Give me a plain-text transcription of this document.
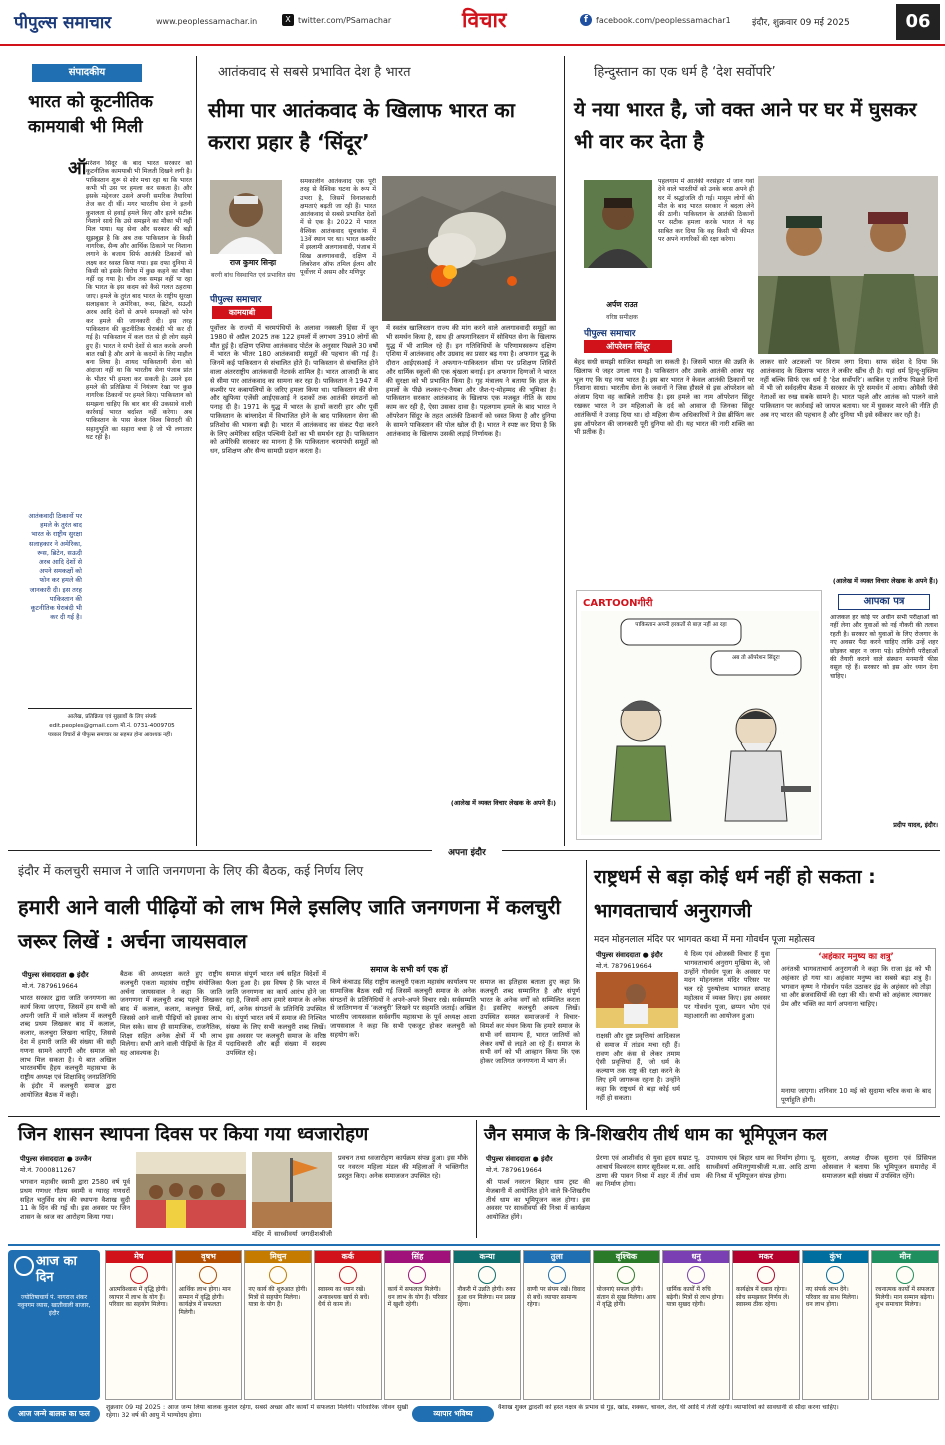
पीपुल्स समाचार	www.peoplessamachar.in	X twitter.com/PSamachar	विचार	f	facebook.com/peoplessamachar1 इंदौर, शुक्रवार 09 मई 2025	06
संपादकीय
भारत को कूटनीतिक कामयाबी भी मिली
ऑ परेशन सिंदूर के बाद भारत सरकार को कूटनीतिक कामयाबी भी मिलती दिखने लगी है। पाकिस्तान शुरू से शोर मचा रहा था कि भारत कभी भी उस पर हमला कर सकता है। और इसके मद्देनजर उसने अपनी समरिक तैयारियां तेज कर दी थीं। मगर भारतीय सेना ने इतनी कुशलता से हवाई हमले किए और इतने सटीक निशाने साधे कि उसे समझने का मौका भी नहीं मिल पाया। यह सेना और सरकार की बड़ी सूझबूझ है कि अब तक पाकिस्तान के किसी नागरिक, सैन्य और आर्थिक ठिकाने पर निशाना लगाने के बजाय सिर्फ आतंकी ठिकानों को लक्ष्य कर ध्वस्त किया गया। इस दफा दुनिया में किसी को इसके विरोध में कुछ कहने का मौका नहीं रह गया है। चीन तक समझ नहीं पा रहा कि भारत के इस कदम को कैसे गलत ठहराया जाए। हमले के तुरंत बाद भारत के राष्ट्रीय सुरक्षा सलाहकार ने अमेरिका, रूस, ब्रिटेन, सऊदी अरब आदि देशों से अपने समकक्षों को फोन कर हमले की जानकारी दी। इस तरह पाकिस्तान की कूटनीतिक घेराबंदी भी कर दी गई है। पाकिस्तान में कल रात से ही लोग सहमे हुए हैं। भारत ने सभी देशों से बात करके अपनी बात रखी है और आगे के कदमों के लिए माहौल बना लिया है। शायद पाकिस्तानी सेना को अंदाजा नहीं था कि भारतीय सेना पंजाब प्रांत के भीतर भी हमला कर सकती है। उसने इस हमले की प्रतिक्रिया में नियंत्रण रेखा पर कुछ नागरिक ठिकानों पर हमले किए। पाकिस्तान को समझना चाहिए कि बार बार की उकसावे वाली कार्रवाई भारत बर्दाश्त नहीं करेगा। अब पाकिस्तान के पास केवल विश्व बिरादरी की सहानुभूति का सहारा बचा है जो भी लगातार घट रही है।
आतंकवादी ठिकानों पर हमले के तुरंत बाद भारत के राष्ट्रीय सुरक्षा सलाहकार ने अमेरिका, रूस, ब्रिटेन, सऊदी अरब आदि देशों से अपने समकक्षों को फोन कर हमले की जानकारी दी। इस तरह पाकिस्तान की कूटनीतिक घेराबंदी भी कर दी गई है।
आलेख, प्रतिक्रिया एवं सुझावों के लिए संपर्क
edit.peoples@gmail.com मो.नं. 0731-4009705
पत्रकार विचारों से पीपुल्स समाचार का सहमत होना आवश्यक नहीं।
आतंकवाद से सबसे प्रभावित देश है भारत
सीमा पार आतंकवाद के खिलाफ भारत का करारा प्रहार है ‘सिंदूर’
राज कुमार सिन्हा
बरगी बांध विस्थापित एवं प्रभावित संघ
पीपुल्स समाचार
कामयाबी
समकालीन आतंकवाद एक पूरी तरह से वैश्विक घटना के रूप में उभरा है, जिसमें विनाशकारी क्षमताएं बढ़ती जा रही हैं। भारत आतंकवाद से सबसे प्रभावित देशों में से एक है। 2022 में भारत वैश्विक आतंकवाद सूचकांक में 13वें स्थान पर था। भारत कश्मीर में इस्लामी अलगाववादी, पंजाब में सिख अलगाववादी, दक्षिण में लिबरेशन ऑफ तमिल ईलम और पूर्वोत्तर में असम और मणिपुर
पूर्वोत्तर के राज्यों में चरमपंथियों के अलावा नक्सली हिंसा में जून 1980 से अप्रैल 2025 तक 122 हमलों में लगभग 3910 लोगों की मौत हुई है। दक्षिण एशिया आतंकवाद पोर्टल के अनुसार पिछले 30 वर्षों में भारत के भीतर 180 आतंकवादी समूहों की पहचान की गई है। जिनमें कई पाकिस्तान से संचालित होते हैं। पाकिस्तान से संचालित होने वाला अंतरराष्ट्रीय आतंकवादी नेटवर्क शामिल है। भारत आजादी के बाद से सीमा पार आतंकवाद का सामना कर रहा है। पाकिस्तान ने 1947 में कश्मीर पर कबायलियों के जरिए हमला किया था। पाकिस्तान की सेना और खुफिया एजेंसी आईएसआई ने दशकों तक आतंकी संगठनों को पनाह दी है। 1971 के युद्ध में भारत के हाथों करारी हार और पूर्वी पाकिस्तान के बांग्लादेश में विभाजित होने के बाद पाकिस्तान सेना की प्रतिशोध की भावना बढ़ी है। भारत में आतंकवाद का संकट पैदा करने के लिए अमेरिका सहित पश्चिमी देशों का भी समर्थन रहा है। पाकिस्तान को अमेरिकी सरकार का मानना है कि पाकिस्तान चरमपंथी समूहों को धन, प्रशिक्षण और सैन्य सामग्री प्रदान करता है।
में स्वतंत्र खालिस्तान राज्य की मांग करने वाले अलगाववादी समूहों का भी समर्थन किया है, साथ ही अफगानिस्तान में सोवियत सेना के खिलाफ युद्ध में भी शामिल रहे हैं। इन गतिविधियों के परिणामस्वरूप दक्षिण एशिया में आतंकवाद और उग्रवाद का प्रसार बढ़ गया है। अफगान युद्ध के दौरान आईएसआई ने अफगान-पाकिस्तान सीमा पर प्रशिक्षण शिविरों और धार्मिक स्कूलों की एक श्रृंखला बनाई। इन अफगान दिग्गजों ने भारत की सुरक्षा को भी प्रभावित किया है। गृह मंत्रालय ने बताया कि हाल के हमलों के पीछे लश्कर-ए-तैयबा और जैश-ए-मोहम्मद की भूमिका है। पाकिस्तान सरकार आतंकवाद के खिलाफ एक मजबूत नीति के साथ काम कर रही है, ऐसा उसका दावा है। पहलगाम हमले के बाद भारत ने ऑपरेशन सिंदूर के तहत आतंकी ठिकानों को ध्वस्त किया है और दुनिया के सामने पाकिस्तान की पोल खोल दी है। भारत ने स्पष्ट कर दिया है कि आतंकवाद के खिलाफ उसकी लड़ाई निर्णायक है।
(आलेख में व्यक्त विचार लेखक के अपने हैं।)
हिन्दुस्तान का एक धर्म है ‘देश सर्वोपरि’
ये नया भारत है, जो वक्त आने पर घर में घुसकर भी वार कर देता है
अर्पण राउत
वरिष्ठ समीक्षक
पीपुल्स समाचार
ऑपरेशन सिंदूर
पहलगाम में आतंकी नरसंहार में जान गवां देने वाले भारतीयों को उनके बरस अपने ही घर में श्रद्धांजलि दी गई। मासूम लोगों की मौत के बाद भारत सरकार ने बदला लेने की ठानी। पाकिस्तान के आतंकी ठिकानों पर सटीक हमला करके भारत ने यह साबित कर दिया कि वह किसी भी कीमत पर अपने नागरिकों की रक्षा करेगा।
बेहद सधी समझी साजिश समझी जा सकती है। जिसमें भारत की उन्नति के खिलाफ ये जहर उगला गया है। पाकिस्तान और उसके आतंकी आका यह भूल गए कि यह नया भारत है। इस बार भारत ने केवल आतंकी ठिकानों पर निशाना साधा। भारतीय सेना के जवानों ने जिस हौसले से इस ऑपरेशन को अंजाम दिया वह काबिले तारीफ है। इस हमले का नाम ऑपरेशन सिंदूर रखकर भारत ने उन महिलाओं के दर्द को आवाज दी जिनका सिंदूर आतंकियों ने उजाड़ दिया था। दो महिला सैन्य अधिकारियों ने प्रेस ब्रीफिंग कर इस ऑपरेशन की जानकारी पूरी दुनिया को दी। यह भारत की नारी शक्ति का भी प्रतीक है।
लाकर सारे अटकलों पर विराम लगा दिया। साफ संदेश दे दिया कि आतंकवाद के खिलाफ भारत ने लकीर खींच दी है। यहां धर्म हिन्दू-मुस्लिम नहीं बल्कि सिर्फ एक धर्म है ‘देश सर्वोपरि’। काबिल ए तारीफ पिछले दिनों में भी जो सर्वदलीय बैठक में सरकार के पूरे समर्थन में आया। ओवैसी जैसे नेताओं का रुख सबके सामने है। भारत पहले और आतंक को पालने वाले पाकिस्तान पर कार्रवाई को जायज बताया। घर में घुसकर मारने की नीति ही अब नए भारत की पहचान है और दुनिया भी इसे स्वीकार कर रही है।
(आलेख में व्यक्त विचार लेखक के अपने हैं।)
CARTOONगीरी
पाकिस्तान अपनी हरकतों से बाज़ नहीं आ रहा
अब तो ऑपरेशन सिंदूर!
आपका पत्र
आजकल हर कोई पर अधीन सभी परीक्षाओं को नहीं लेना और युवाओं को नई नौकरी की तलाश रहती है। सरकार को युवाओं के लिए रोजगार के नए अवसर पैदा करने चाहिए ताकि उन्हें शहर छोड़कर बाहर न जाना पड़े। प्रतियोगी परीक्षाओं की तैयारी कराने वाले संस्थान मनमानी फीस वसूल रहे हैं। सरकार को इस ओर ध्यान देना चाहिए।
प्रदीप यादव, इंदौर।
अपना इंदौर
इंदौर में कलचुरी समाज ने जाति जनगणना के लिए की बैठक, कई निर्णय लिए
हमारी आने वाली पीढ़ियों को लाभ मिले इसलिए जाति जनगणना में कलचुरी जरूर लिखें : अर्चना जायसवाल
पीपुल्स संवाददाता ● इंदौर
मो.नं. 7879619664
भारत सरकार द्वारा जाति जनगणना का कार्य किया जाएगा, जिसमें हम सभी को अपनी जाति में वाले कॉलम में कलचुरी शब्द प्रथम लिखकर बाद में कलाल, कलार, कलचुरा लिखना चाहिए, जिससे देश में हमारी जाति की संख्या की सही गणना सामने आएगी और समाज को लाभ मिल सकता है। ये बात अखिल भारतवर्षीय हैहय कलचुरी महासभा के राष्ट्रीय अध्यक्ष एवं शिक्षाविद् जनप्रतिनिधि के इंदौर में कलचुरी समाज द्वारा आयोजित बैठक में कही।
बैठक की अध्यक्षता करते हुए राष्ट्रीय कलचुरी एकता महासंघ राष्ट्रीय संयोजिका अर्चना जायसवाल ने कहा कि जाति जनगणना में कलचुरी शब्द पहले लिखकर बाद में कलाल, कलार, कलचुरा लिखें, जिससे आने वाली पीढ़ियों को इसका लाभ मिल सके। साथ ही सामाजिक, राजनैतिक, शिक्षा सहित अनेक क्षेत्रों में भी लाभ मिलेगा। सभी आने वाली पीढ़ियों के हित में यह आवश्यक है।
समाज संपूर्ण भारत वर्ष सहित विदेशों में फैला हुआ है। इस विषय है कि भारत में जाति जनगणना का कार्य आरंभ होने जा रहा है, जिसमें आप हमारे समाज के अनेक वर्ग, अनेक संगठनों के प्रतिनिधि उपस्थित थे। संपूर्ण भारत वर्ष में समाज की निश्चित संख्या के लिए सभी कलचुरी शब्द लिखें। इस अवसर पर कलचुरी समाज के वरिष्ठ पदाधिकारी और बड़ी संख्या में सदस्य उपस्थित रहे।
समाज के सभी वर्ग एक हों
किये कंचाउड़ सिंह राष्ट्रीय कलचुरी एकता महासंघ कार्यालय पर सामाजिक बैठक रखी गई जिसमें कलचुरी समाज के अनेक संगठनों के प्रतिनिधियों ने अपने-अपने विचार रखे। सर्वसम्मति से जातिगणना में ‘कलचुरी’ लिखने पर सहमति जताई। अखिल भारतीय जायसवाल सर्ववर्गीय महासभा के पूर्व अध्यक्ष आशा जायसवाल ने कहा कि सभी एकजुट होकर कलचुरी को सहयोग करें।
समाज का इतिहास बताता हुए कहा कि कलचुरी शब्द सम्मानित है और संपूर्ण भारत के अनेक वर्गों को सम्मिलित करता है। इसलिए कलचुरी अवश्य लिखें। उपस्थित समस्त समाजजनों ने विचार-विमर्श कर मंथन किया कि हमारे समाज के सभी वर्ग सामान्य हैं, भारत जातियों को लेकर वर्षों से लड़ते आ रहे हैं। समाज के सभी वर्ग को भी आव्हान किया कि एक होकर जातिगत जनगणना में भाग लें।
राष्ट्रधर्म से बड़ा कोई धर्म नहीं हो सकता : भागवताचार्य अनुरागजी
मदन मोहनलाल मंदिर पर भागवत कथा में मना गोवर्धन पूजा महोत्सव
पीपुल्स संवाददाता ● इंदौर
मो.नं. 7879619664
राक्षसी और दुष्ट प्रवृत्तियां आदिकाल से समाज में तांडव मचा रही हैं। रावण और कंस से लेकर तमाम ऐसी प्रवृत्तियां हैं, जो धर्म के कल्याण तक राष्ट्र की रक्षा करने के लिए हमें जागरूक रहना है। उन्होंने कहा कि राष्ट्रधर्म से बड़ा कोई धर्म नहीं हो सकता।
ये दिव्य एवं ओजस्वी विचार हैं युवा भागवताचार्य अनुराग मुखिया के, जो उन्होंने गोवर्धन पूजा के अवसर पर मदन मोहनलाल मंदिर परिसर पर चल रहे पुरुषोत्तम भागवत सप्ताह महोत्सव में व्यक्त किए। इस अवसर पर गोवर्धन पूजा, छप्पन भोग एवं महाआरती का आयोजन हुआ।
‘अहंकार मनुष्य का शत्रु’
अनंतश्री भागवताचार्य अनुरागजी ने कहा कि राजा इंद्र को भी अहंकार हो गया था। अहंकार मनुष्य का सबसे बड़ा शत्रु है। भगवान कृष्ण ने गोवर्धन पर्वत उठाकर इंद्र के अहंकार को तोड़ा था और ब्रजवासियों की रक्षा की थी। सभी को अहंकार त्यागकर प्रेम और भक्ति का मार्ग अपनाना चाहिए।
मनाया जाएगा। शनिवार 10 मई को सुदामा चरित्र कथा के बाद पूर्णाहुति होगी।
जिन शासन स्थापना दिवस पर किया गया ध्वजारोहण
पीपुल्स संवाददाता ● उज्जैन
मो.नं. 7000811267
भगवान महावीर स्वामी द्वारा 2580 वर्ष पूर्व प्रथम गणधर गौतम स्वामी व ग्यारह गणधरों सहित चतुर्विध संघ की स्थापना वैशाख सुदी 11 के दिन की गई थी। इस अवसर पर जिन शासन के ध्वज का आरोहण किया गया।
मंदिर में साध्वीवर्या जगदीशश्रीजी
प्रवचन तथा ध्वजारोहण कार्यक्रम संपन्न हुआ। इस मौके पर नवरत्न महिला मंडल की महिलाओं ने भक्तिगीत प्रस्तुत किए। अनेक समाजजन उपस्थित रहे।
जैन समाज के त्रि-शिखरीय तीर्थ धाम का भूमिपूजन कल
पीपुल्स संवाददाता ● इंदौर
मो.नं. 7879619664
श्री पार्श्व नवरत्न बिहार धाम ट्रस्ट की मेजबानी में आयोजित होने वाले त्रि-शिखरीय तीर्थ धाम का भूमिपूजन कल होगा। इस अवसर पर साध्वीवर्या की निश्रा में कार्यक्रम आयोजित होंगे।
प्रेरणा एवं आशीर्वाद से युवा हृदय सम्राट पू. आचार्य विश्वरत्न सागर सूरीश्वर म.सा. आदि ठाणा की पावन निश्रा में शहर में तीर्थ धाम का निर्माण होगा।
उपाध्याय एवं बिहार धाम का निर्माण होगा। पू. साध्वीवर्या अमितगुणाश्रीजी म.सा. आदि ठाणा की निश्रा में भूमिपूजन संपन्न होगा।
सुराना, अध्यक्ष दीपक सुराना एवं प्रिंसिपल ओसवाल ने बताया कि भूमिपूजन समारोह में समाजजन बड़ी संख्या में उपस्थित रहेंगे।
आज का दिन
ज्योतिषाचार्य पं. नागराज शंकर नवुनगम व्यास, खातीवाली बाजार, इंदौर
मेष
आत्मविश्वास में वृद्धि होगी। व्यापार में लाभ के योग हैं। परिवार का सहयोग मिलेगा।
वृषभ
आर्थिक लाभ होगा। मान सम्मान में वृद्धि होगी। कार्यक्षेत्र में सफलता मिलेगी।
मिथुन
नए कार्य की शुरुआत होगी। मित्रों से सहयोग मिलेगा। यात्रा के योग हैं।
कर्क
स्वास्थ्य का ध्यान रखें। अनावश्यक खर्च से बचें। धैर्य से काम लें।
सिंह
कार्य में सफलता मिलेगी। धन लाभ के योग हैं। परिवार में खुशी रहेगी।
कन्या
नौकरी में उन्नति होगी। रुका हुआ धन मिलेगा। मन प्रसन्न रहेगा।
तुला
वाणी पर संयम रखें। विवाद से बचें। व्यापार सामान्य रहेगा।
वृश्चिक
योजनाएं सफल होंगी। संतान से सुख मिलेगा। आय में वृद्धि होगी।
धनु
धार्मिक कार्यों में रुचि बढ़ेगी। मित्रों से लाभ होगा। यात्रा सुखद रहेगी।
मकर
कार्यक्षेत्र में दबाव रहेगा। सोच समझकर निर्णय लें। स्वास्थ्य ठीक रहेगा।
कुंभ
नए संपर्क लाभ देंगे। परिवार का साथ मिलेगा। धन लाभ होगा।
मीन
रचनात्मक कार्यों में सफलता मिलेगी। मान सम्मान बढ़ेगा। शुभ समाचार मिलेगा।
आज जन्मे बालक का फल
शुक्रवार 09 मई 2025 : आज जन्म लिया बालक कुशल रहेगा, सबसे अच्छा और कार्यों में सफलता मिलेगी। परिवारिक जीवन सुखी रहेगा। 32 वर्ष की आयु में भाग्योदय होगा।	व्यापार भविष्य
वैशाख शुक्ल द्वादशी को हस्त नक्षत्र के प्रभाव से गुड़, खांड, शक्कर, चावल, तेल, घी आदि में तेजी रहेगी। व्यापारियों को सावधानी से सौदा करना चाहिए।
